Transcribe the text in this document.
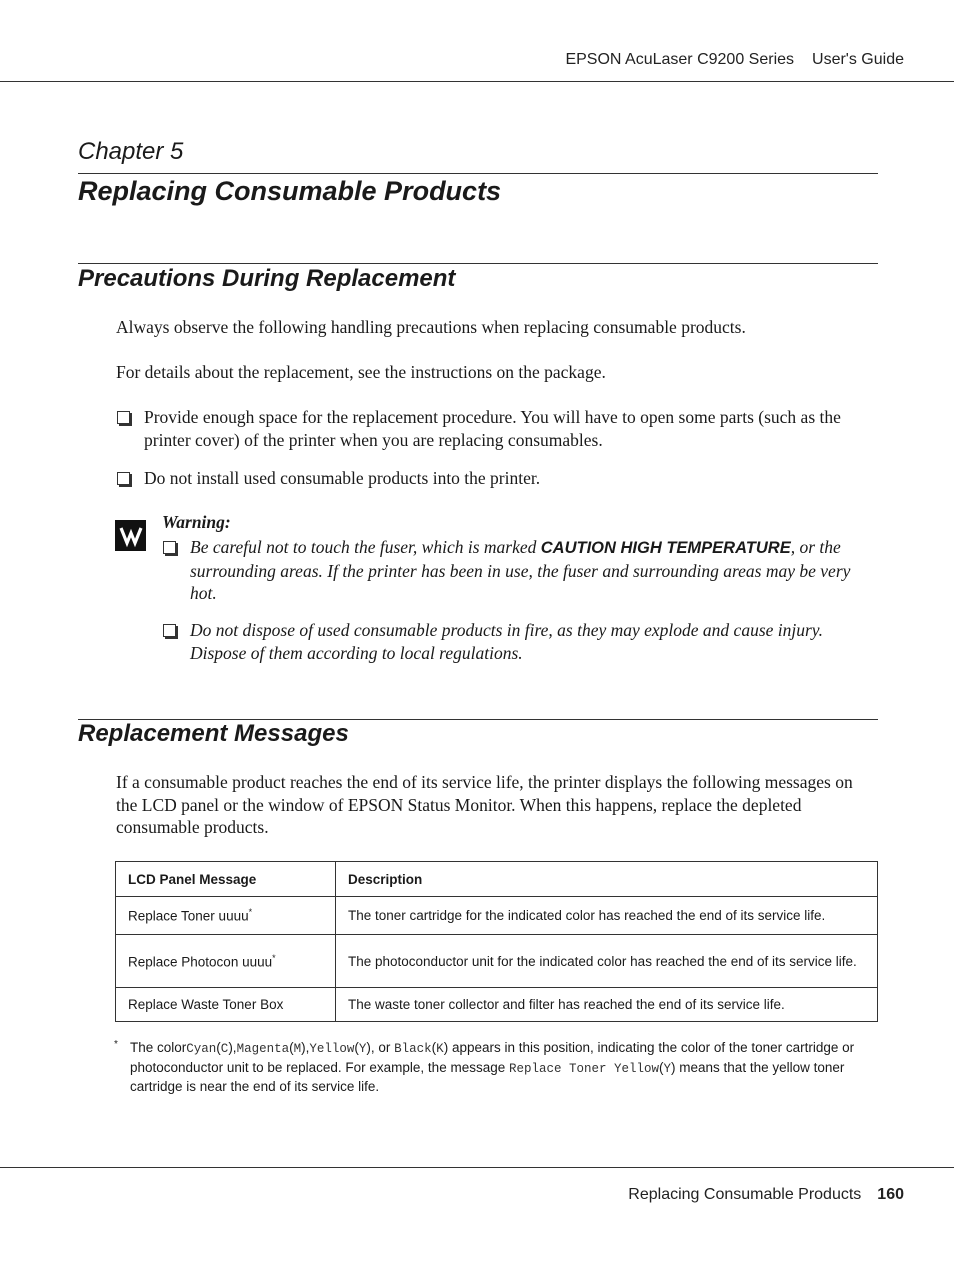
EPSON AcuLaser C9200 Series User's Guide
Chapter 5
Replacing Consumable Products
Precautions During Replacement
Always observe the following handling precautions when replacing consumable products.
For details about the replacement, see the instructions on the package.
Provide enough space for the replacement procedure. You will have to open some parts (such as the printer cover) of the printer when you are replacing consumables.
Do not install used consumable products into the printer.
Warning:
Be careful not to touch the fuser, which is marked CAUTION HIGH TEMPERATURE, or the surrounding areas. If the printer has been in use, the fuser and surrounding areas may be very hot.
Do not dispose of used consumable products in fire, as they may explode and cause injury. Dispose of them according to local regulations.
Replacement Messages
If a consumable product reaches the end of its service life, the printer displays the following messages on the LCD panel or the window of EPSON Status Monitor. When this happens, replace the depleted consumable products.
LCD Panel Message	Description
Replace Toner uuuu*	The toner cartridge for the indicated color has reached the end of its service life.
Replace Photocon uuuu*	The photoconductor unit for the indicated color has reached the end of its service life.
Replace Waste Toner Box	The waste toner collector and filter has reached the end of its service life.
* The colorCyan(C),Magenta(M),Yellow(Y), or Black(K) appears in this position, indicating the color of the toner cartridge or photoconductor unit to be replaced. For example, the message Replace Toner Yellow(Y) means that the yellow toner cartridge is near the end of its service life.
Replacing Consumable Products 160
